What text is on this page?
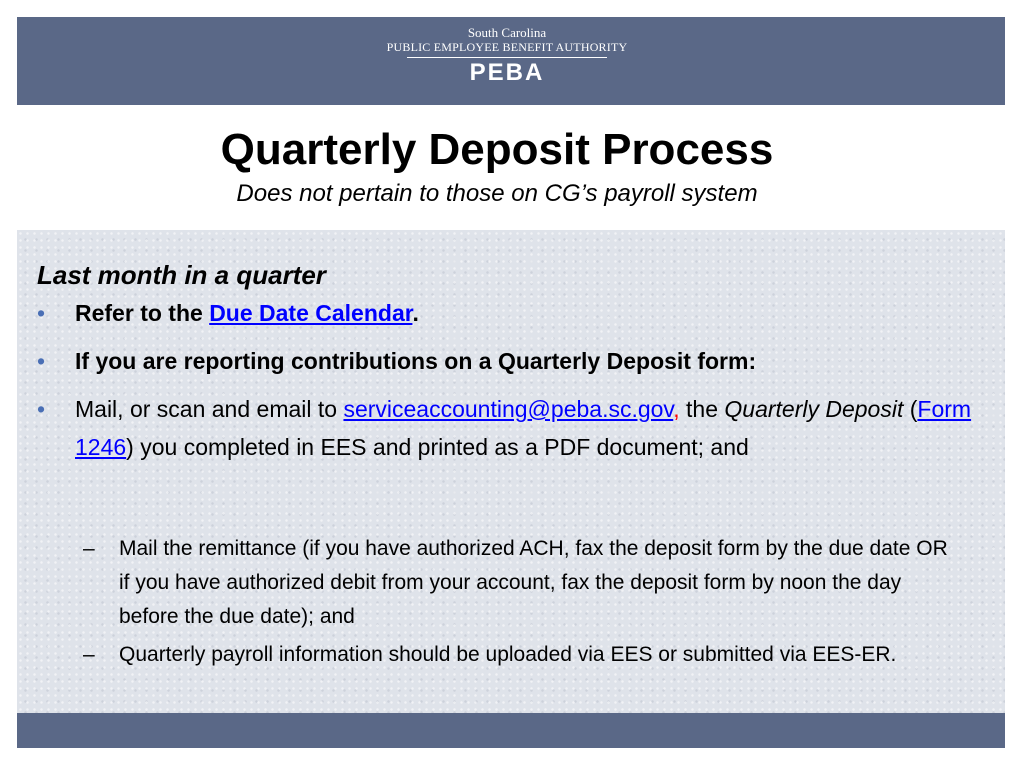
South Carolina
PUBLIC EMPLOYEE BENEFIT AUTHORITY
PEBA
Quarterly Deposit Process
Does not pertain to those on CG’s payroll system
Last month in a quarter
•	Refer to the Due Date Calendar.
•	If you are reporting contributions on a Quarterly Deposit form:
•	Mail, or scan and email to serviceaccounting@peba.sc.gov, the Quarterly Deposit (Form 1246) you completed in EES and printed as a PDF document; and
–	Mail the remittance (if you have authorized ACH, fax the deposit form by the due date OR if you have authorized debit from your account, fax the deposit form by noon the day before the due date); and
–	Quarterly payroll information should be uploaded via EES or submitted via EES-ER.
